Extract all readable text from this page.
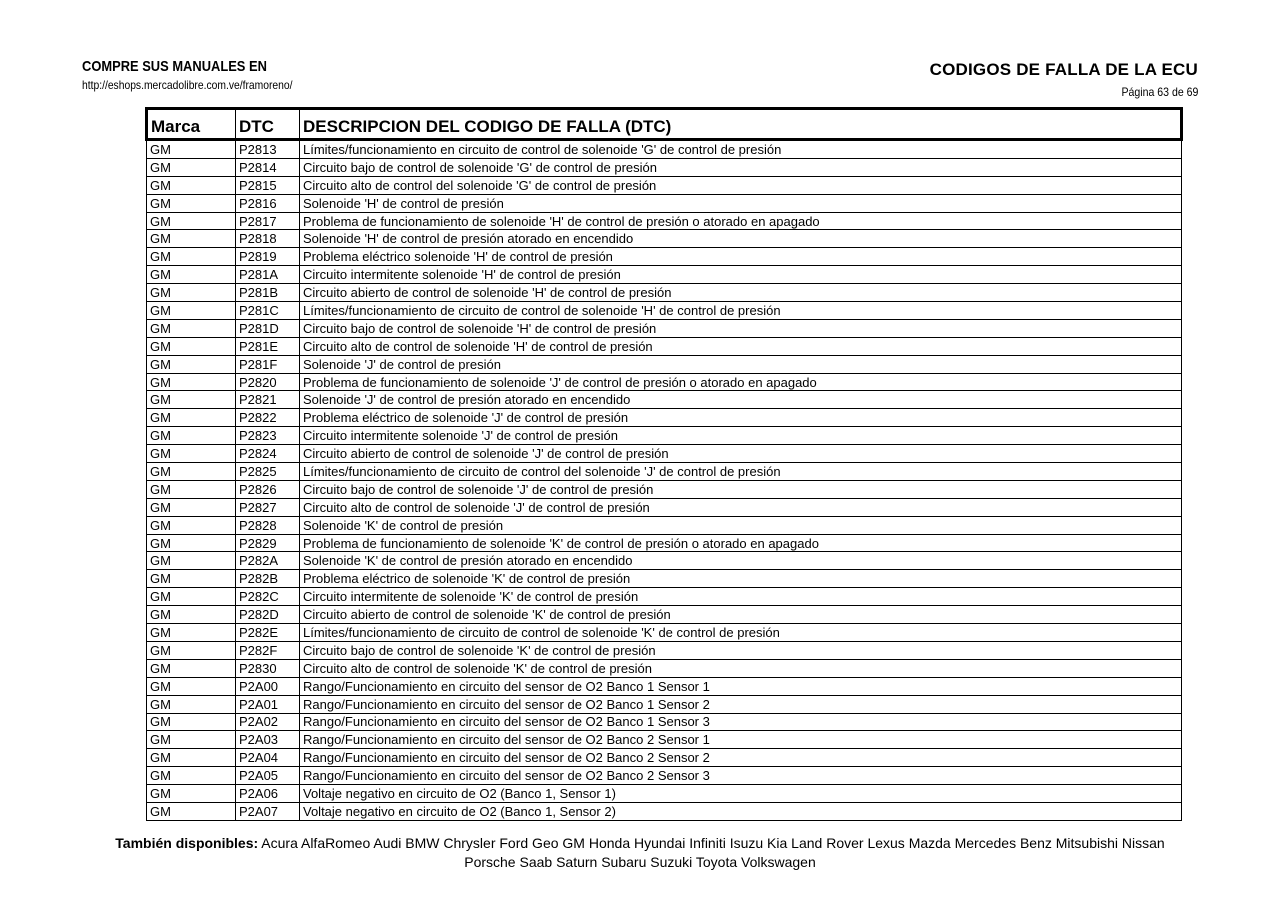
COMPRE SUS MANUALES EN
http://eshops.mercadolibre.com.ve/framoreno/
CODIGOS DE FALLA DE LA ECU
Página 63 de 69
Marca	DTC	DESCRIPCION DEL CODIGO DE FALLA (DTC)
GM	P2813	Límites/funcionamiento en circuito de control de solenoide 'G' de control de presión
GM	P2814	Circuito bajo de control de solenoide 'G' de control de presión
GM	P2815	Circuito alto de control del solenoide 'G' de control de presión
GM	P2816	Solenoide 'H' de control de presión
GM	P2817	Problema de funcionamiento de solenoide 'H' de control de presión o atorado en apagado
GM	P2818	Solenoide 'H' de control de presión atorado en encendido
GM	P2819	Problema eléctrico solenoide 'H' de control de presión
GM	P281A	Circuito intermitente solenoide 'H' de control de presión
GM	P281B	Circuito abierto de control de solenoide 'H' de control de presión
GM	P281C	Límites/funcionamiento de circuito de control de solenoide 'H' de control de presión
GM	P281D	Circuito bajo de control de solenoide 'H' de control de presión
GM	P281E	Circuito alto de control de solenoide 'H' de control de presión
GM	P281F	Solenoide 'J' de control de presión
GM	P2820	Problema de funcionamiento de solenoide 'J' de control de presión o atorado en apagado
GM	P2821	Solenoide 'J' de control de presión atorado en encendido
GM	P2822	Problema eléctrico de solenoide 'J' de control de presión
GM	P2823	Circuito intermitente solenoide 'J' de control de presión
GM	P2824	Circuito abierto de control de solenoide 'J' de control de presión
GM	P2825	Límites/funcionamiento de circuito de control del solenoide 'J' de control de presión
GM	P2826	Circuito bajo de control de solenoide 'J' de control de presión
GM	P2827	Circuito alto de control de solenoide 'J' de control de presión
GM	P2828	Solenoide 'K' de control de presión
GM	P2829	Problema de funcionamiento de solenoide 'K' de control de presión o atorado en apagado
GM	P282A	Solenoide 'K' de control de presión atorado en encendido
GM	P282B	Problema eléctrico de solenoide 'K' de control de presión
GM	P282C	Circuito intermitente de solenoide 'K' de control de presión
GM	P282D	Circuito abierto de control de solenoide 'K' de control de presión
GM	P282E	Límites/funcionamiento de circuito de control de solenoide 'K' de control de presión
GM	P282F	Circuito bajo de control de solenoide 'K' de control de presión
GM	P2830	Circuito alto de control de solenoide 'K' de control de presión
GM	P2A00	Rango/Funcionamiento en circuito del sensor de O2 Banco 1 Sensor 1
GM	P2A01	Rango/Funcionamiento en circuito del sensor de O2 Banco 1 Sensor 2
GM	P2A02	Rango/Funcionamiento en circuito del sensor de O2 Banco 1 Sensor 3
GM	P2A03	Rango/Funcionamiento en circuito del sensor de O2 Banco 2 Sensor 1
GM	P2A04	Rango/Funcionamiento en circuito del sensor de O2 Banco 2 Sensor 2
GM	P2A05	Rango/Funcionamiento en circuito del sensor de O2 Banco 2 Sensor 3
GM	P2A06	Voltaje negativo en circuito de O2 (Banco 1, Sensor 1)
GM	P2A07	Voltaje negativo en circuito de O2 (Banco 1, Sensor 2)
También disponibles: Acura AlfaRomeo Audi BMW Chrysler Ford Geo GM Honda Hyundai Infiniti Isuzu Kia Land Rover Lexus Mazda Mercedes Benz Mitsubishi Nissan
Porsche Saab Saturn Subaru Suzuki Toyota Volkswagen
